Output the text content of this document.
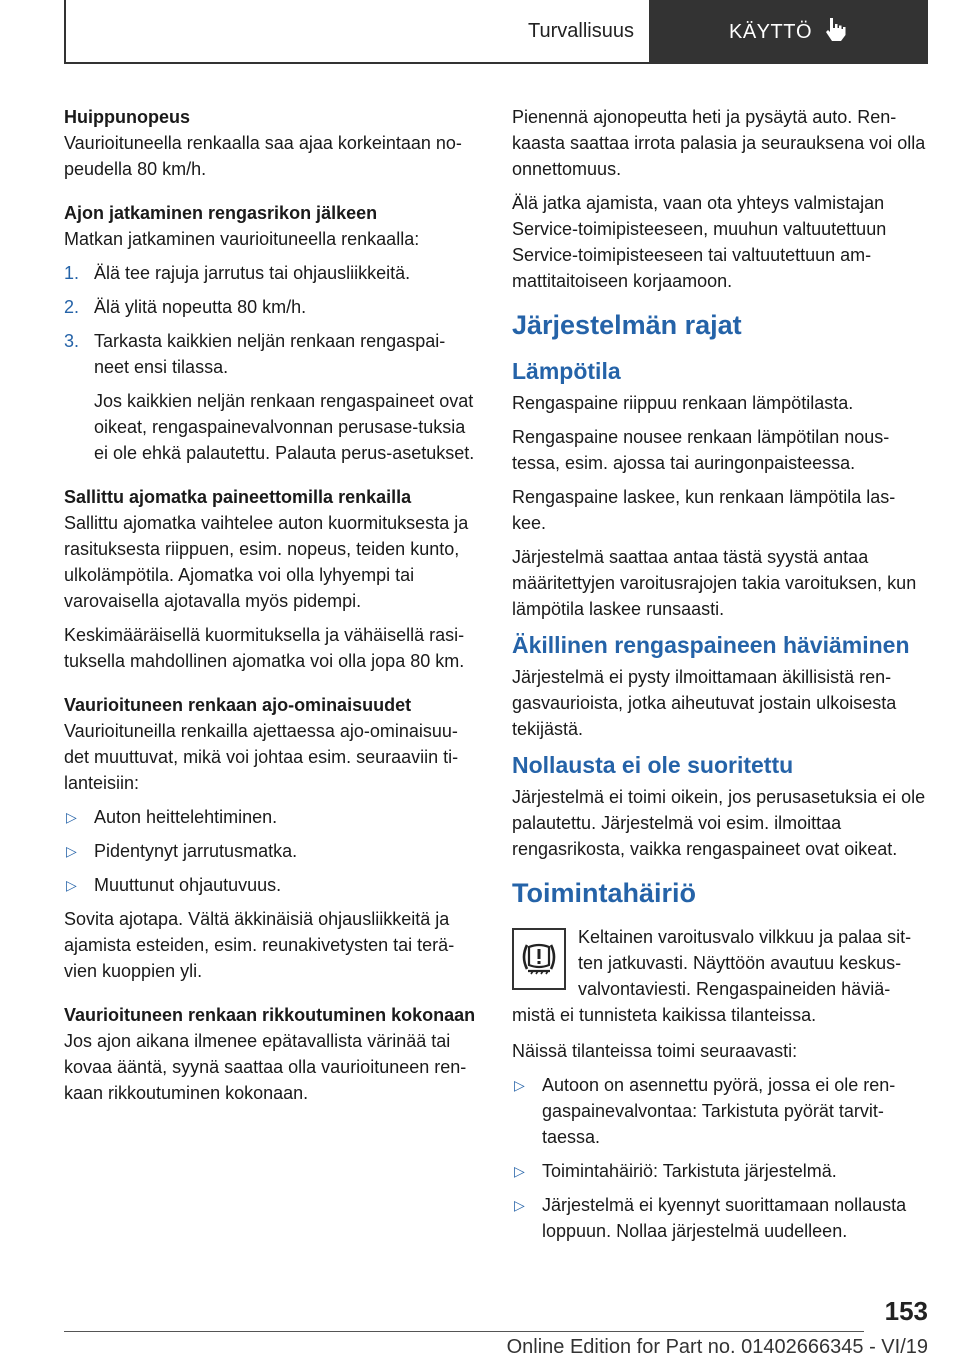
Turvallisuus	KÄYTTÖ

Huippunopeus

Vaurioituneella renkaalla saa ajaa korkeintaan no-peudella 80 km/h.

Ajon jatkaminen rengasrikon jälkeen

Matkan jatkaminen vaurioituneella renkaalla:

1. Älä tee rajuja jarrutus tai ohjausliikkeitä.
2. Älä ylitä nopeutta 80 km/h.
3. Tarkasta kaikkien neljän renkaan rengaspai-neet ensi tilassa.
Jos kaikkien neljän renkaan rengaspaineet ovat oikeat, rengaspainevalvonnan perusase-tuksia ei ole ehkä palautettu. Palauta perus-asetukset.

Sallittu ajomatka paineettomilla renkailla

Sallittu ajomatka vaihtelee auton kuormituksesta ja rasituksesta riippuen, esim. nopeus, teiden kunto, ulkolämpötila. Ajomatka voi olla lyhyempi tai varovaisella ajotavalla myös pidempi.

Keskimääräisellä kuormituksella ja vähäisellä rasi-tuksella mahdollinen ajomatka voi olla jopa 80 km.

Vaurioituneen renkaan ajo-ominaisuudet

Vaurioituneilla renkailla ajettaessa ajo-ominaisuu-det muuttuvat, mikä voi johtaa esim. seuraaviin ti-lanteisiin:

▷ Auton heittelehtiminen.
▷ Pidentynyt jarrutusmatka.
▷ Muuttunut ohjautuvuus.

Sovita ajotapa. Vältä äkkinäisiä ohjausliikkeitä ja ajamista esteiden, esim. reunakivetysten tai terä-vien kuoppien yli.

Vaurioituneen renkaan rikkoutuminen kokonaan

Jos ajon aikana ilmenee epätavallista värinää tai kovaa ääntä, syynä saattaa olla vaurioituneen ren-kaan rikkoutuminen kokonaan.

Pienennä ajonopeutta heti ja pysäytä auto. Ren-kaasta saattaa irrota palasia ja seurauksena voi olla onnettomuus.

Älä jatka ajamista, vaan ota yhteys valmistajan Service-toimipisteeseen, muuhun valtuutettuun Service-toimipisteeseen tai valtuutettuun am-mattitaitoiseen korjaamoon.

Järjestelmän rajat
Lämpötila

Rengaspaine riippuu renkaan lämpötilasta.

Rengaspaine nousee renkaan lämpötilan nous-tessa, esim. ajossa tai auringonpaisteessa.

Rengaspaine laskee, kun renkaan lämpötila las-kee.

Järjestelmä saattaa antaa tästä syystä antaa määritettyjen varoitusrajojen takia varoituksen, kun lämpötila laskee runsaasti.

Äkillinen rengaspaineen häviäminen

Järjestelmä ei pysty ilmoittamaan äkillisistä ren-gasvaurioista, jotka aiheutuvat jostain ulkoisesta tekijästä.

Nollausta ei ole suoritettu

Järjestelmä ei toimi oikein, jos perusasetuksia ei ole palautettu. Järjestelmä voi esim. ilmoittaa rengasrikosta, vaikka rengaspaineet ovat oikeat.

Toimintahäiriö
Keltainen varoitusvalo vilkkuu ja palaa sit-ten jatkuvasti. Näyttöön avautuu keskus-valvontaviesti. Rengaspaineiden häviä-mistä ei tunnisteta kaikissa tilanteissa.

Näissä tilanteissa toimi seuraavasti:

▷ Autoon on asennettu pyörä, jossa ei ole ren-gaspainevalvontaa: Tarkistuta pyörät tarvit-taessa.
▷ Toimintahäiriö: Tarkistuta järjestelmä.
▷ Järjestelmä ei kyennyt suorittamaan nollausta loppuun. Nollaa järjestelmä uudelleen.
153
Online Edition for Part no. 01402666345 - VI/19
